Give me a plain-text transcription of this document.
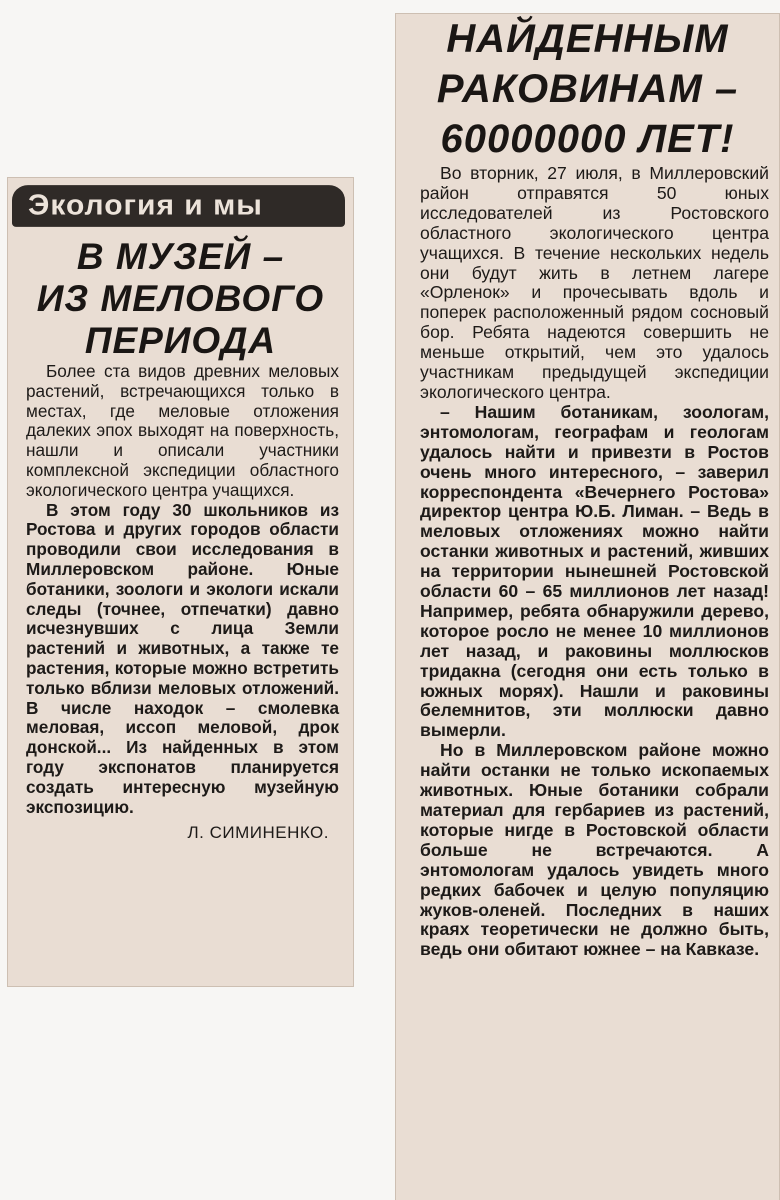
Экология и мы
В МУЗЕЙ –
ИЗ МЕЛОВОГО
ПЕРИОДА

Более ста видов древних меловых растений, встречающихся только в местах, где меловые отложения далеких эпох выходят на поверхность, нашли и описали участники комплексной экспедиции областного экологического центра учащихся.

В этом году 30 школьников из Ростова и других городов области проводили свои исследования в Миллеровском районе. Юные ботаники, зоологи и экологи искали следы (точнее, отпечатки) давно исчезнувших с лица Земли растений и животных, а также те растения, которые можно встретить только вблизи меловых отложений. В числе находок – смолевка меловая, иссоп меловой, дрок донской... Из найденных в этом году экспонатов планируется создать интересную музейную экспозицию.

Л. СИМИНЕНКО.
НАЙДЕННЫМ
РАКОВИНАМ –
60000000 ЛЕТ!

Во вторник, 27 июля, в Миллеровский район отправятся 50 юных исследователей из Ростовского областного экологического центра учащихся. В течение нескольких недель они будут жить в летнем лагере «Орленок» и прочесывать вдоль и поперек расположенный рядом сосновый бор. Ребята надеются совершить не меньше открытий, чем это удалось участникам предыдущей экспедиции экологического центра.

– Нашим ботаникам, зоологам, энтомологам, географам и геологам удалось найти и привезти в Ростов очень много интересного, – заверил корреспондента «Вечернего Ростова» директор центра Ю.Б. Лиман. – Ведь в меловых отложениях можно найти останки животных и растений, живших на территории нынешней Ростовской области 60 – 65 миллионов лет назад! Например, ребята обнаружили дерево, которое росло не менее 10 миллионов лет назад, и раковины моллюсков тридакна (сегодня они есть только в южных морях). Нашли и раковины белемнитов, эти моллюски давно вымерли.

Но в Миллеровском районе можно найти останки не только ископаемых животных. Юные ботаники собрали материал для гербариев из растений, которые нигде в Ростовской области больше не встречаются. А энтомологам удалось увидеть много редких бабочек и целую популяцию жуков-оленей. Последних в наших краях теоретически не должно быть, ведь они обитают южнее – на Кавказе.
